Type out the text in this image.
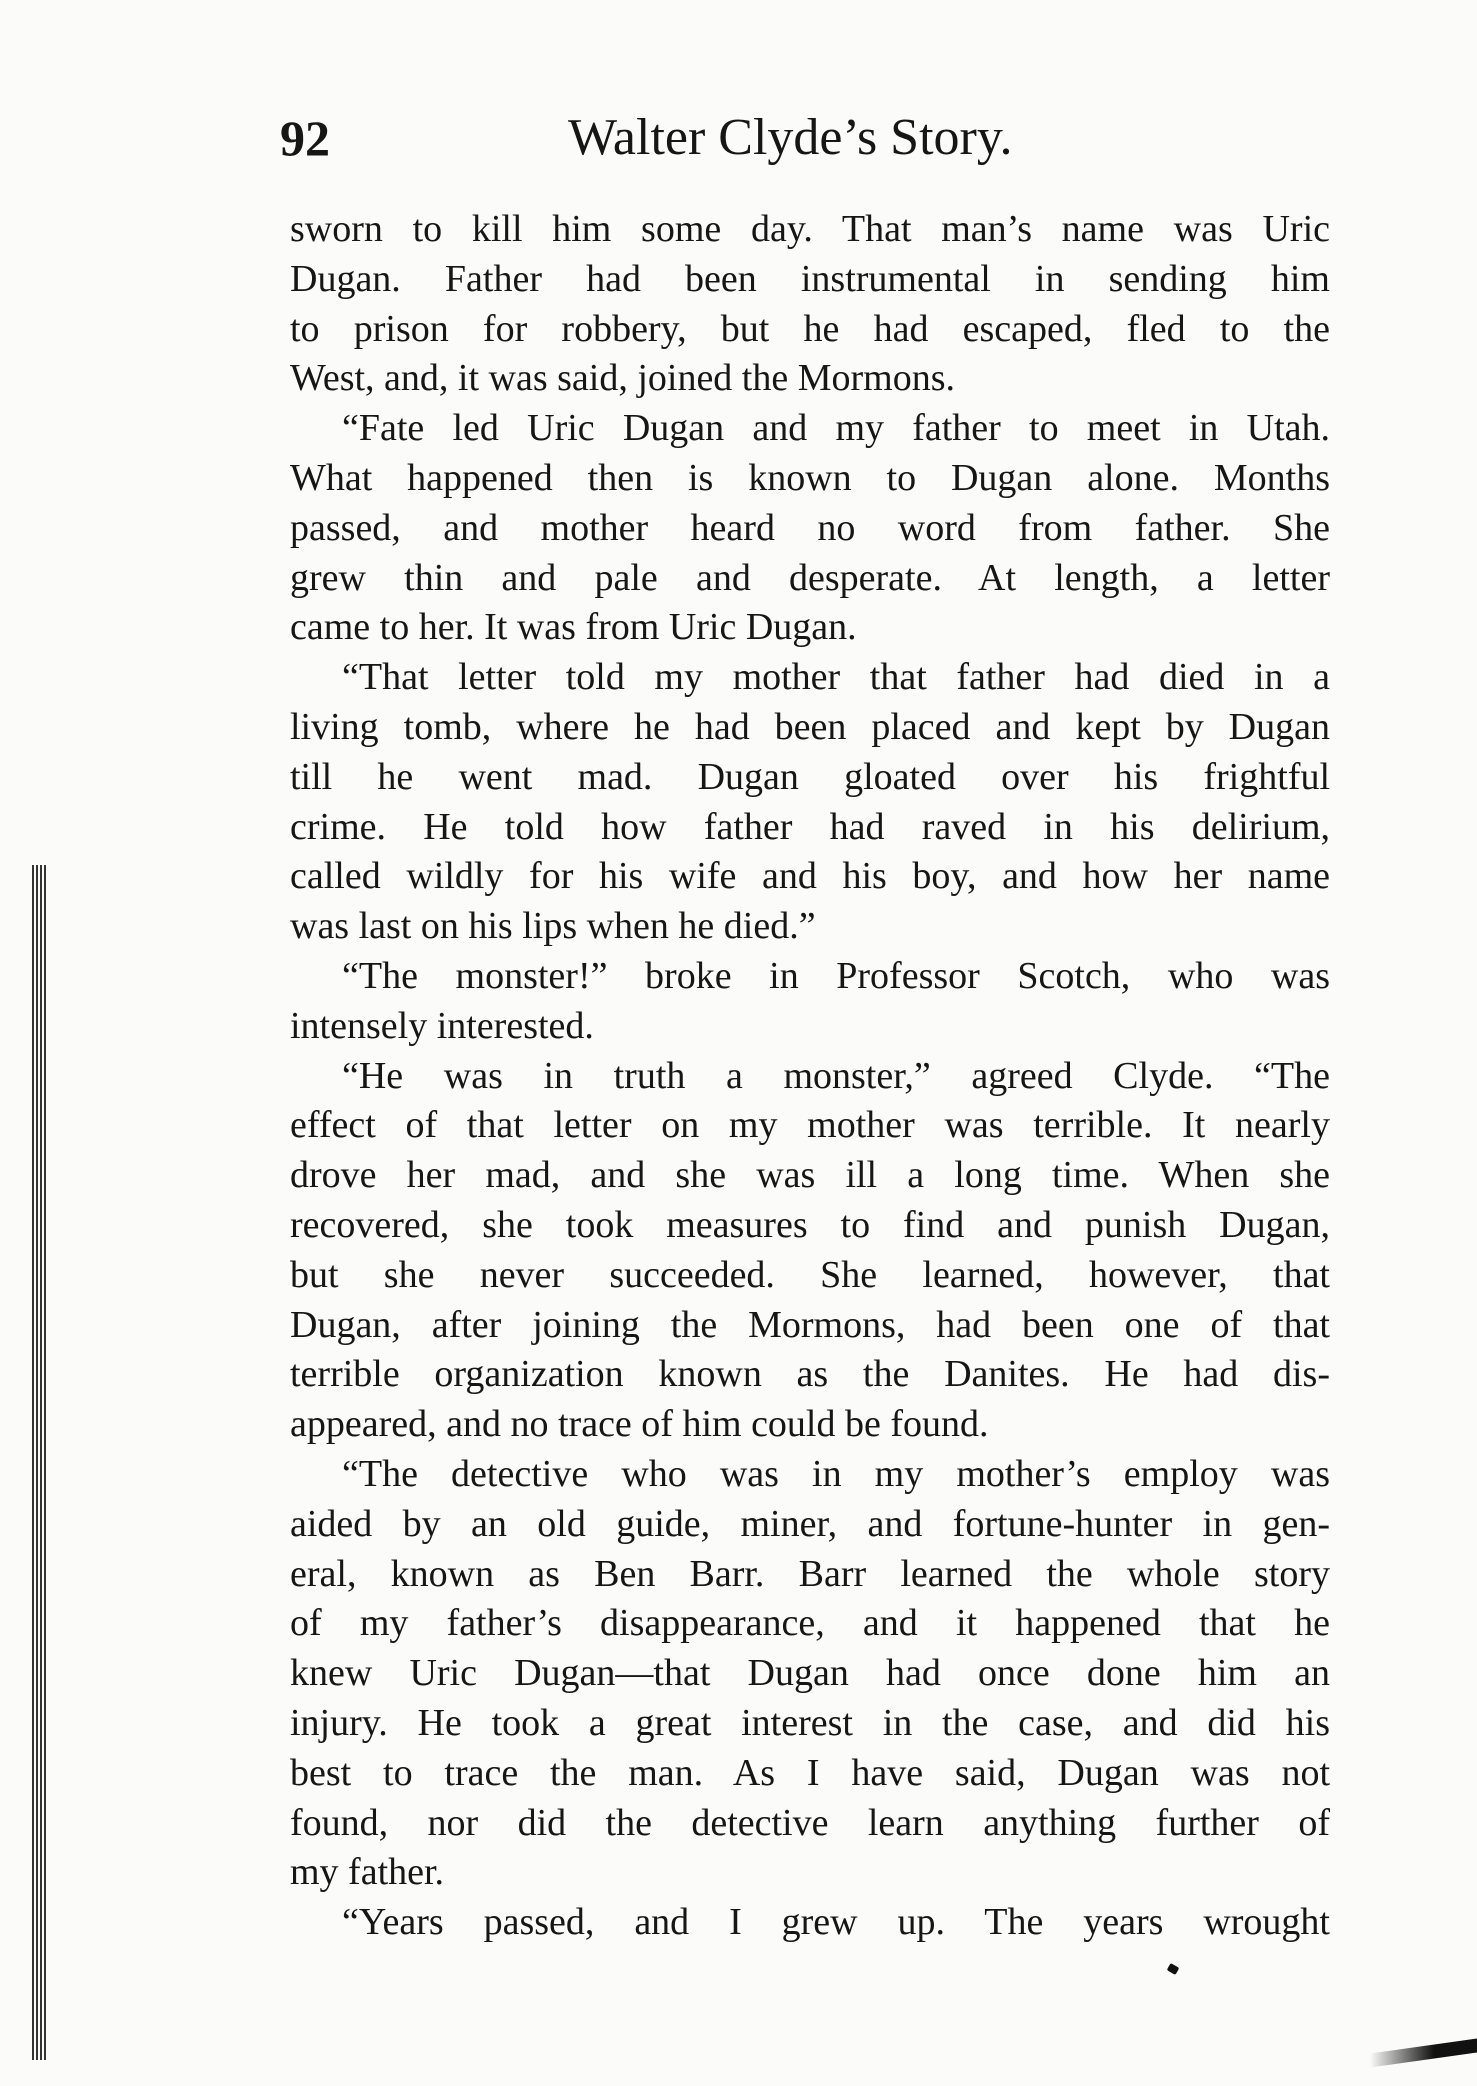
92	Walter Clyde’s Story.
sworn to kill him some day. That man’s name was Uric
Dugan. Father had been instrumental in sending him
to prison for robbery, but he had escaped, fled to the
West, and, it was said, joined the Mormons.
“Fate led Uric Dugan and my father to meet in Utah.
What happened then is known to Dugan alone. Months
passed, and mother heard no word from father. She
grew thin and pale and desperate. At length, a letter
came to her. It was from Uric Dugan.
“That letter told my mother that father had died in a
living tomb, where he had been placed and kept by Dugan
till he went mad. Dugan gloated over his frightful
crime. He told how father had raved in his delirium,
called wildly for his wife and his boy, and how her name
was last on his lips when he died.”
“The monster!” broke in Professor Scotch, who was
intensely interested.
“He was in truth a monster,” agreed Clyde. “The
effect of that letter on my mother was terrible. It nearly
drove her mad, and she was ill a long time. When she
recovered, she took measures to find and punish Dugan,
but she never succeeded. She learned, however, that
Dugan, after joining the Mormons, had been one of that
terrible organization known as the Danites. He had dis-
appeared, and no trace of him could be found.
“The detective who was in my mother’s employ was
aided by an old guide, miner, and fortune-hunter in gen-
eral, known as Ben Barr. Barr learned the whole story
of my father’s disappearance, and it happened that he
knew Uric Dugan—that Dugan had once done him an
injury. He took a great interest in the case, and did his
best to trace the man. As I have said, Dugan was not
found, nor did the detective learn anything further of
my father.
“Years passed, and I grew up. The years wrought
